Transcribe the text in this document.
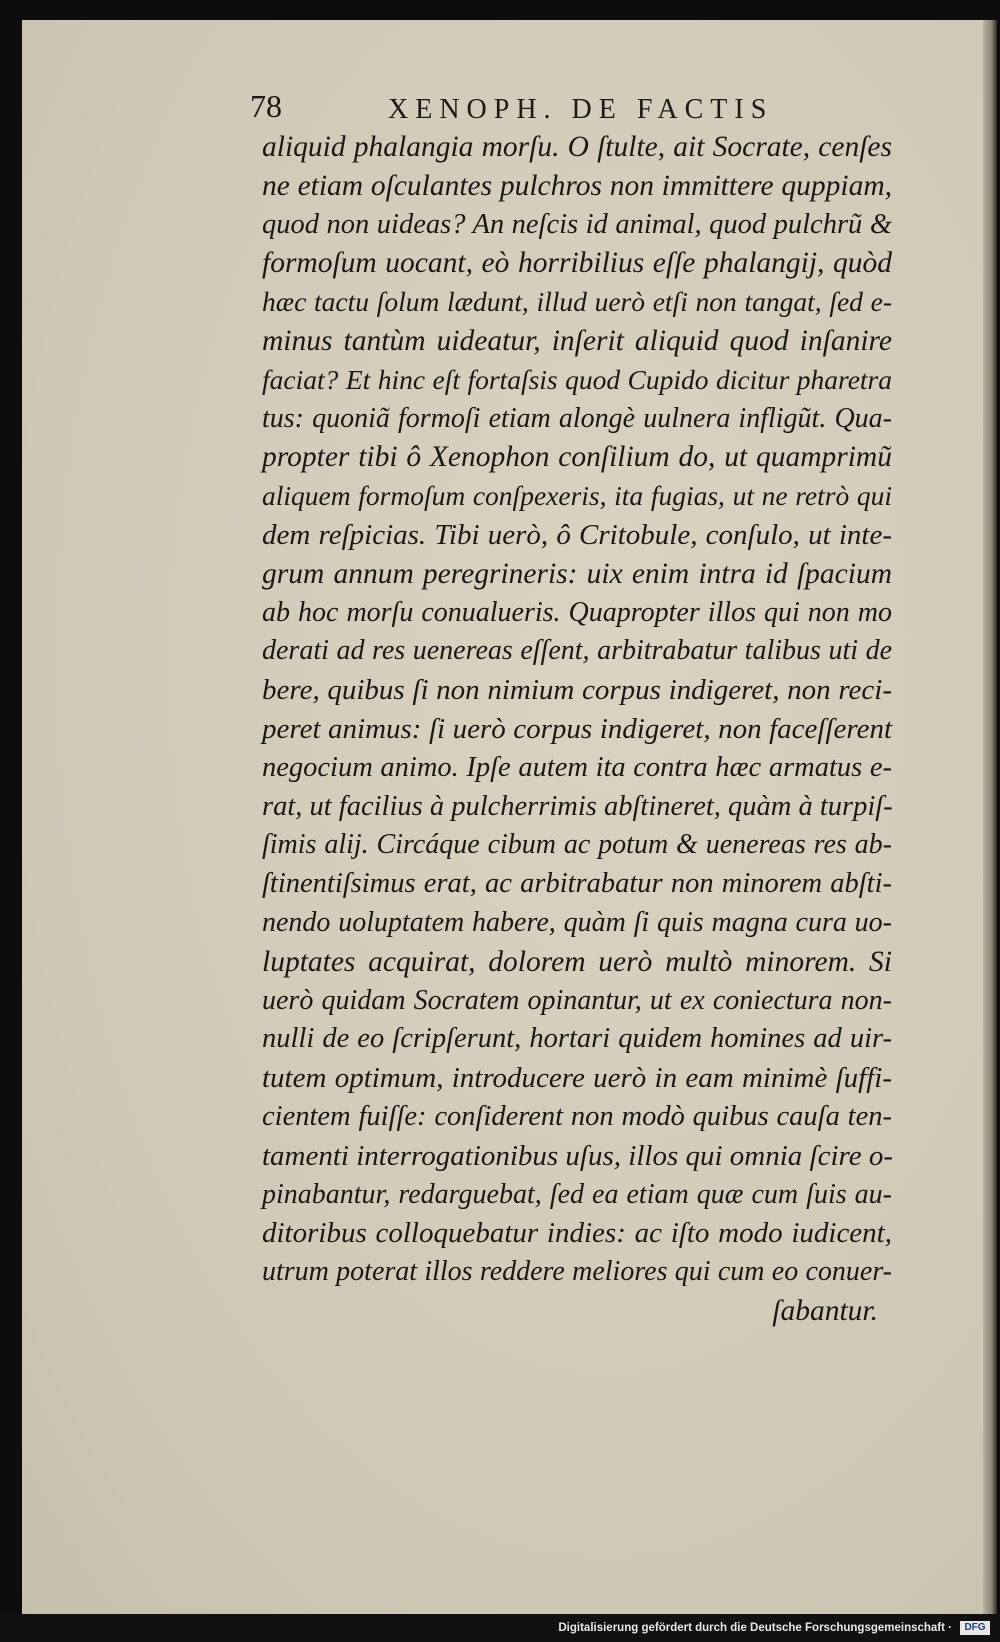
78	XENOPH. DE FACTIS
aliquid phalangia morſu. O ſtulte, ait Socrate, cenſes
ne etiam oſculantes pulchros non immittere quppiam,
quod non uideas? An neſcis id animal, quod pulchrũ &
formoſum uocant, eò horribilius eſſe phalangij, quòd
hæc tactu ſolum lædunt, illud uerò etſi non tangat, ſed e-
minus tantùm uideatur, inſerit aliquid quod inſanire
faciat? Et hinc eſt fortaſsis quod Cupido dicitur pharetra
tus: quoniã formoſi etiam alongè uulnera infligũt. Qua-
propter tibi ô Xenophon conſilium do, ut quamprimũ
aliquem formoſum conſpexeris, ita fugias, ut ne retrò qui
dem reſpicias. Tibi uerò, ô Critobule, conſulo, ut inte-
grum annum peregrineris: uix enim intra id ſpacium
ab hoc morſu conualueris. Quapropter illos qui non mo
derati ad res uenereas eſſent, arbitrabatur talibus uti de
bere, quibus ſi non nimium corpus indigeret, non reci-
peret animus: ſi uerò corpus indigeret, non faceſſerent
negocium animo. Ipſe autem ita contra hæc armatus e-
rat, ut facilius à pulcherrimis abſtineret, quàm à turpiſ-
ſimis alij. Circáque cibum ac potum & uenereas res ab-
ſtinentiſsimus erat, ac arbitrabatur non minorem abſti-
nendo uoluptatem habere, quàm ſi quis magna cura uo-
luptates acquirat, dolorem uerò multò minorem. Si
uerò quidam Socratem opinantur, ut ex coniectura non-
nulli de eo ſcripſerunt, hortari quidem homines ad uir-
tutem optimum, introducere uerò in eam minimè ſuffi-
cientem fuiſſe: conſiderent non modò quibus cauſa ten-
tamenti interrogationibus uſus, illos qui omnia ſcire o-
pinabantur, redarguebat, ſed ea etiam quæ cum ſuis au-
ditoribus colloquebatur indies: ac iſto modo iudicent,
utrum poterat illos reddere meliores qui cum eo conuer-
ſabantur.
Digitalisierung gefördert durch die Deutsche Forschungsgemeinschaft ·	DFG
